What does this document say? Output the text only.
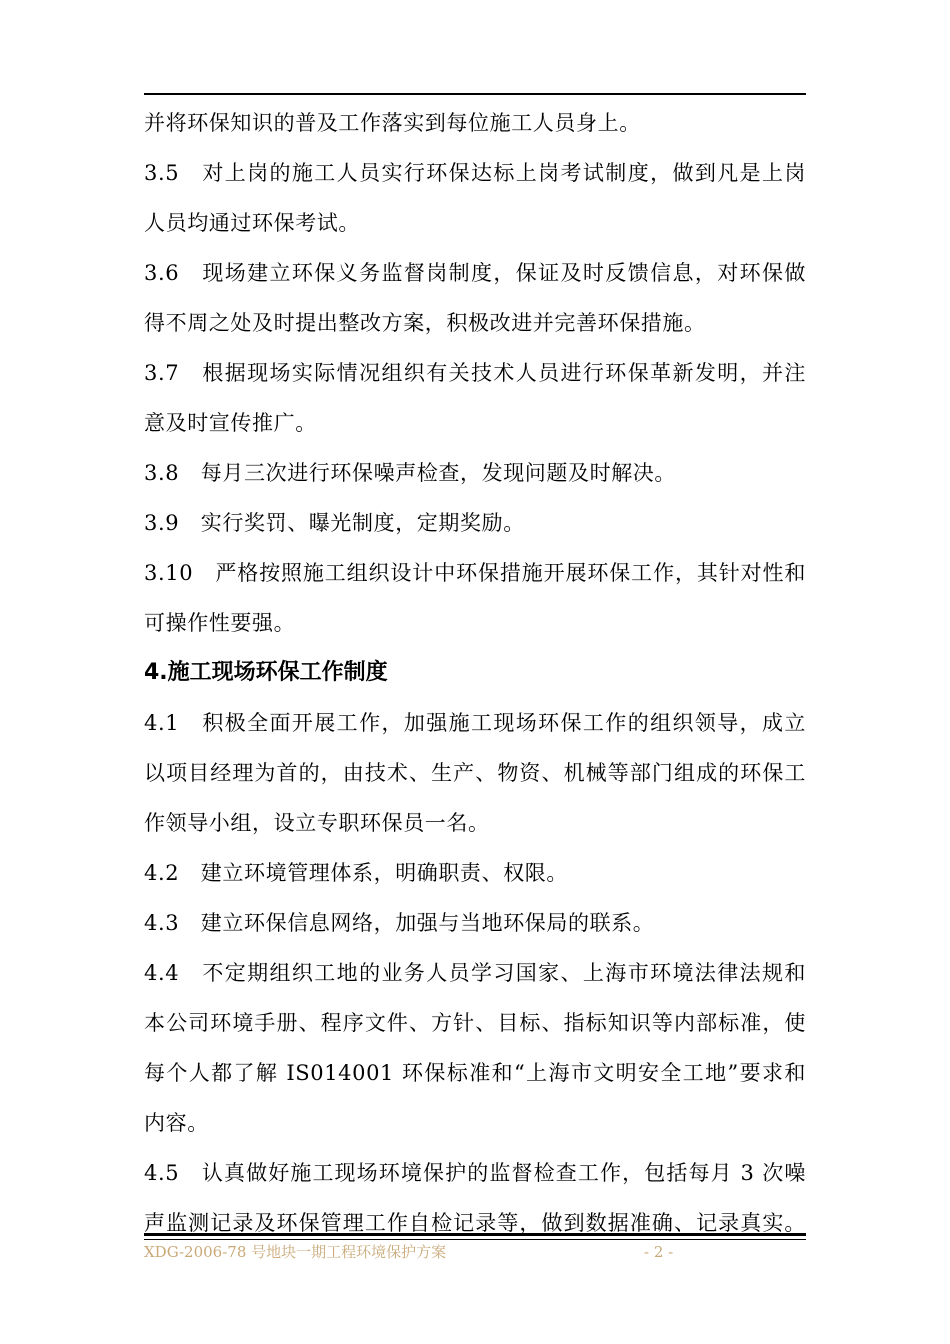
并将环保知识的普及工作落实到每位施工人员身上。
3.5　对上岗的施工人员实行环保达标上岗考试制度，做到凡是上岗
人员均通过环保考试。
3.6　现场建立环保义务监督岗制度，保证及时反馈信息，对环保做
得不周之处及时提出整改方案，积极改进并完善环保措施。
3.7　根据现场实际情况组织有关技术人员进行环保革新发明，并注
意及时宣传推广。
3.8　每月三次进行环保噪声检查，发现问题及时解决。
3.9　实行奖罚、曝光制度，定期奖励。
3.10　严格按照施工组织设计中环保措施开展环保工作，其针对性和
可操作性要强。
4.施工现场环保工作制度
4.1　积极全面开展工作，加强施工现场环保工作的组织领导，成立
以项目经理为首的，由技术、生产、物资、机械等部门组成的环保工
作领导小组，设立专职环保员一名。
4.2　建立环境管理体系，明确职责、权限。
4.3　建立环保信息网络，加强与当地环保局的联系。
4.4　不定期组织工地的业务人员学习国家、上海市环境法律法规和
本公司环境手册、程序文件、方针、目标、指标知识等内部标准，使
每个人都了解 IS014001 环保标准和“上海市文明安全工地”要求和
内容。
4.5　认真做好施工现场环境保护的监督检查工作，包括每月 3 次噪
声监测记录及环保管理工作自检记录等，做到数据准确、记录真实。
XDG-2006-78 号地块一期工程环境保护方案	- 2 -
